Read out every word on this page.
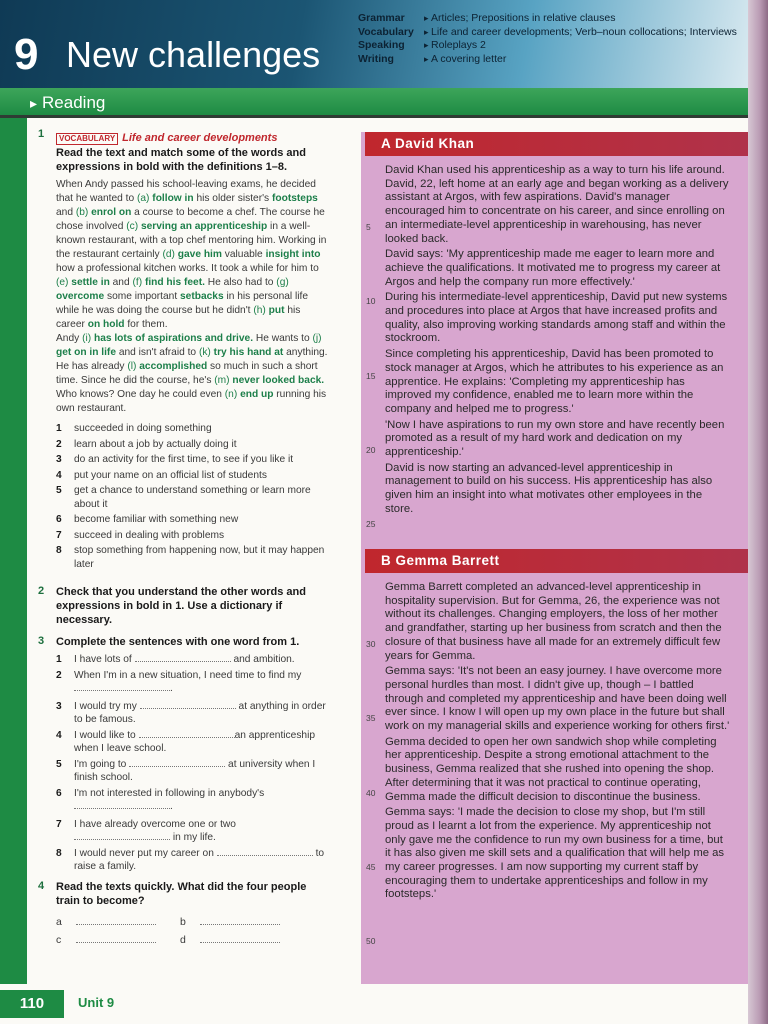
9 New challenges
Grammar	▸ Articles; Prepositions in relative clauses
Vocabulary	▸ Life and career developments; Verb–noun collocations; Interviews
Speaking	▸ Roleplays 2
Writing	▸ A covering letter
▸ Reading
1	VOCABULARY Life and career developments
Read the text and match some of the words and expressions in bold with the definitions 1–8.

When Andy passed his school-leaving exams, he decided that he wanted to (a) follow in his older sister's footsteps and (b) enrol on a course to become a chef. The course he chose involved (c) serving an apprenticeship in a well-known restaurant, with a top chef mentoring him. Working in the restaurant certainly (d) gave him valuable insight into how a professional kitchen works. It took a while for him to (e) settle in and (f) find his feet. He also had to (g) overcome some important setbacks in his personal life while he was doing the course but he didn't (h) put his career on hold for them.
Andy (i) has lots of aspirations and drive. He wants to (j) get on in life and isn't afraid to (k) try his hand at anything. He has already (l) accomplished so much in such a short time. Since he did the course, he's (m) never looked back. Who knows? One day he could even (n) end up running his own restaurant.

1	succeeded in doing something
2	learn about a job by actually doing it
3	do an activity for the first time, to see if you like it
4	put your name on an official list of students
5	get a chance to understand something or learn more about it
6	become familiar with something new
7	succeed in dealing with problems
8	stop something from happening now, but it may happen later
2 Check that you understand the other words and expressions in bold in 1. Use a dictionary if necessary.
3 Complete the sentences with one word from 1.
1	I have lots of	and ambition.
2	When I'm in a new situation, I need time to find my
.
3	I would try my	at anything in order to be famous.
4	I would like to	an apprenticeship when I leave school.
5	I'm going to	at university when I finish school.
6	I'm not interested in following in anybody's
.
7	I have already overcome one or two
in my life.
8	I would never put my career on	to raise a family.
4 Read the texts quickly. What did the four people train to become?
a	b
c	d
A David Khan
5
10
15
20
25

David Khan used his apprenticeship as a way to turn his life around. David, 22, left home at an early age and began working as a delivery assistant at Argos, with few aspirations. David's manager encouraged him to concentrate on his career, and since enrolling on an intermediate-level apprenticeship in warehousing, has never looked back.

David says: 'My apprenticeship made me eager to learn more and achieve the qualifications. It motivated me to progress my career at Argos and help the company run more effectively.'

During his intermediate-level apprenticeship, David put new systems and procedures into place at Argos that have increased profits and quality, also improving working standards among staff and within the stockroom.

Since completing his apprenticeship, David has been promoted to stock manager at Argos, which he attributes to his experience as an apprentice. He explains: 'Completing my apprenticeship has improved my confidence, enabled me to learn more within the company and helped me to progress.'

'Now I have aspirations to run my own store and have recently been promoted as a result of my hard work and dedication on my apprenticeship.'

David is now starting an advanced-level apprenticeship in management to build on his success. His apprenticeship has also given him an insight into what motivates other employees in the store.

B Gemma Barrett
30
35
40
45
50

Gemma Barrett completed an advanced-level apprenticeship in hospitality supervision. But for Gemma, 26, the experience was not without its challenges. Changing employers, the loss of her mother and grandfather, starting up her business from scratch and then the closure of that business have all made for an extremely difficult few years for Gemma.

Gemma says: 'It's not been an easy journey. I have overcome more personal hurdles than most. I didn't give up, though – I battled through and completed my apprenticeship and have been doing well ever since. I know I will open up my own place in the future but shall work on my managerial skills and experience working for others first.'

Gemma decided to open her own sandwich shop while completing her apprenticeship. Despite a strong emotional attachment to the business, Gemma realized that she rushed into opening the shop. After determining that it was not practical to continue operating, Gemma made the difficult decision to discontinue the business.

Gemma says: 'I made the decision to close my shop, but I'm still proud as I learnt a lot from the experience. My apprenticeship not only gave me the confidence to run my own business for a time, but it has also given me skill sets and a qualification that will help me as my career progresses. I am now supporting my current staff by encouraging them to undertake apprenticeships and follow in my footsteps.'

110	Unit 9
